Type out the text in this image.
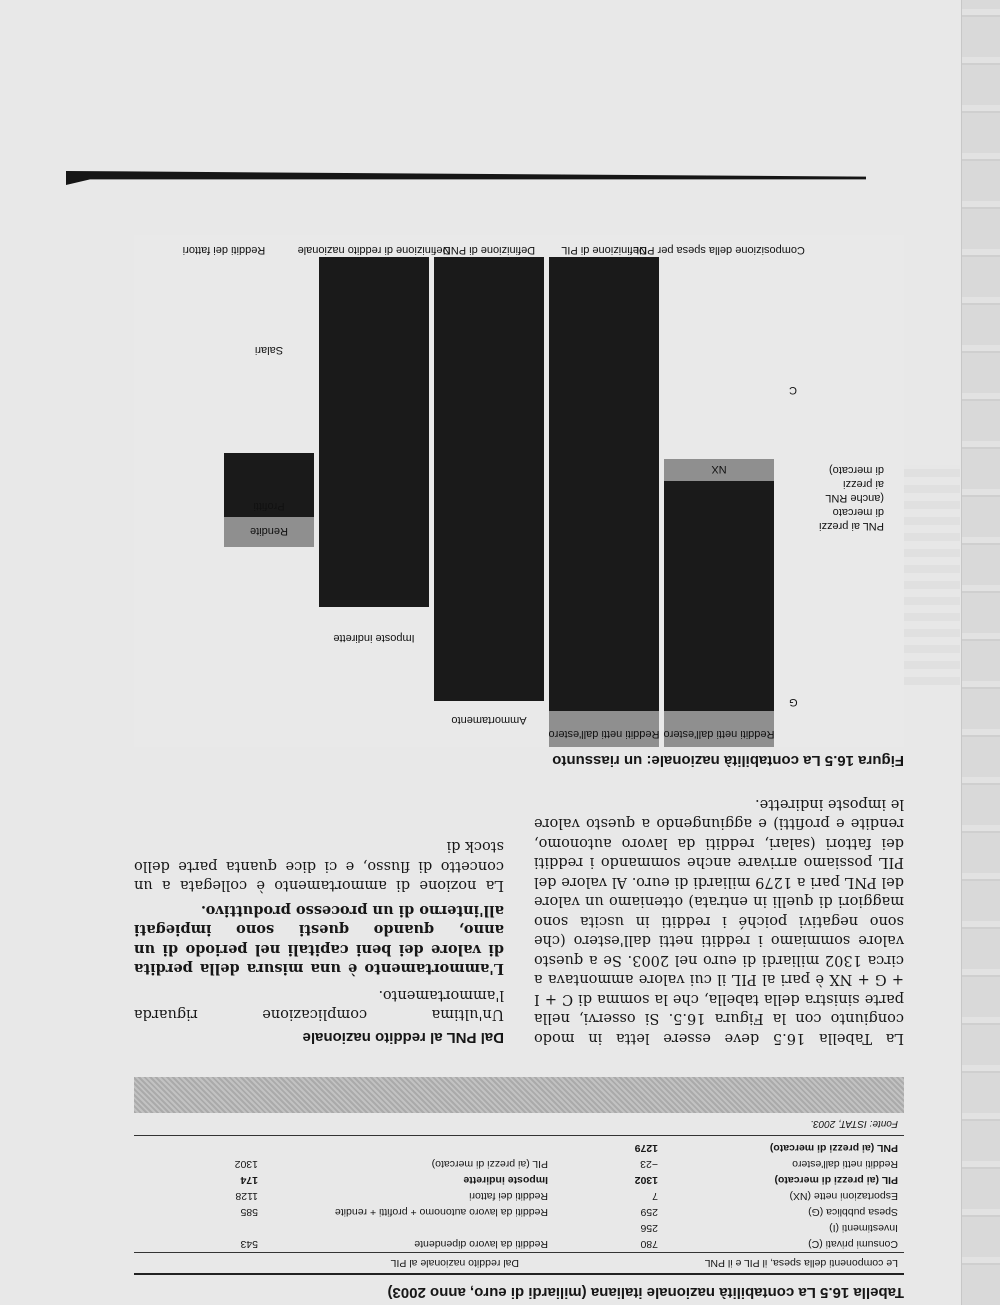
Tabella 16.5 La contabilità nazionale italiana (miliardi di euro, anno 2003)
Le componenti della spesa, il PIL e il PNL
Dal reddito nazionale al PIL
Consumi privati (C)
780
Redditi da lavoro dipendente
543
Investimenti (I)
256
Spesa pubblica (G)
259
Redditi da lavoro autonomo + profitti + rendite
585
Esportazioni nette (NX)
7
Redditi dei fattori
1128
PIL (ai prezzi di mercato)
1302
Imposte indirette
174
Redditi netti dall'estero
−23
PIL (ai prezzi di mercato)
1302
PNL (ai prezzi di mercato)
1279
Fonte: ISTAT, 2003.

La Tabella 16.5 deve essere letta in modo congiunto con la Figura 16.5. Si osservi, nella parte sinistra della tabella, che la somma di C + I + G + NX è pari al PIL il cui valore ammontava a circa 1302 miliardi di euro nel 2003. Se a questo valore sommiamo i redditi netti dall'estero (che sono negativi poiché i redditi in uscita sono maggiori di quelli in entrata) otteniamo un valore del PNL pari a 1279 miliardi di euro. Al valore del PIL possiamo arrivare anche sommando i redditi dei fattori (salari, redditi da lavoro autonomo, rendite e profitti) e aggiungendo a questo valore le imposte indirette.

Dal PNL al reddito nazionale

Un'ultima complicazione riguarda l'ammortamento.

L'ammortamento è una misura della perdita di valore dei beni capitali nel periodo di un anno, quando questi sono impiegati all'interno di un processo produttivo.

La nozione di ammortamento è collegata a un concetto di flusso, e ci dice quanta parte dello stock di

Figura 16.5 La contabilità nazionale: un riassunto
Redditi netti dall'estero
G
NX
C
Redditi netti dall'estero
Ammortamento
Imposte indirette
Rendite
Profitti
Salari
PNL ai prezzi di mercato (anche RNL ai prezzi di mercato)
Composizione della spesa per PNL
Definizione di PIL
Definizione di PNN
Definizione di reddito nazionale
Redditi dei fattori
